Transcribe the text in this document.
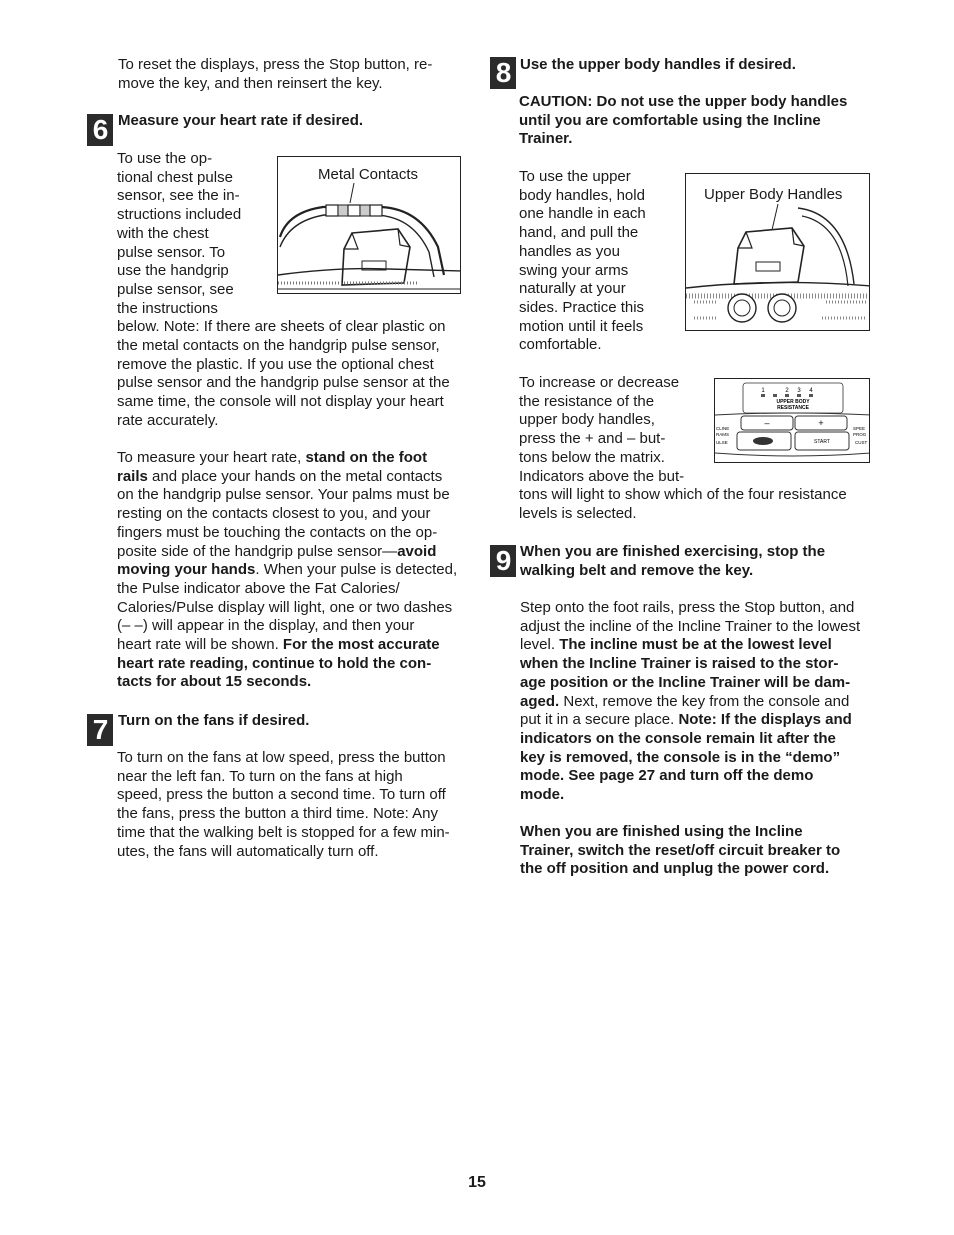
To reset the displays, press the Stop button, re-
move the key, and then reinsert the key.
6 Measure your heart rate if desired.
To use the op-
tional chest pulse
sensor, see the in-
structions included
with the chest
pulse sensor. To
use the handgrip
pulse sensor, see
the instructions
below. Note: If there are sheets of clear plastic on
the metal contacts on the handgrip pulse sensor,
remove the plastic. If you use the optional chest
pulse sensor and the handgrip pulse sensor at the
same time, the console will not display your heart
rate accurately.
Metal Contacts
To measure your heart rate, stand on the foot
rails and place your hands on the metal contacts
on the handgrip pulse sensor. Your palms must be
resting on the contacts closest to you, and your
fingers must be touching the contacts on the op-
posite side of the handgrip pulse sensor—avoid
moving your hands. When your pulse is detected,
the Pulse indicator above the Fat Calories/
Calories/Pulse display will light, one or two dashes
(– –) will appear in the display, and then your
heart rate will be shown. For the most accurate
heart rate reading, continue to hold the con-
tacts for about 15 seconds.
7 Turn on the fans if desired.
To turn on the fans at low speed, press the button
near the left fan. To turn on the fans at high
speed, press the button a second time. To turn off
the fans, press the button a third time. Note: Any
time that the walking belt is stopped for a few min-
utes, the fans will automatically turn off.
8 Use the upper body handles if desired.
CAUTION: Do not use the upper body handles
until you are comfortable using the Incline
Trainer.
To use the upper
body handles, hold
one handle in each
hand, and pull the
handles as you
swing your arms
naturally at your
sides. Practice this
motion until it feels
comfortable.
Upper Body Handles
To increase or decrease
the resistance of the
upper body handles,
press the + and – but-
tons below the matrix.
Indicators above the but-
tons will light to show which of the four resistance
levels is selected.
1	2 3 4
UPPER BODY
RESISTANCE
–	+
CLINE
RAMS
ULSE	START
SPEE
PROG
CUST
9 When you are finished exercising, stop the
walking belt and remove the key.
Step onto the foot rails, press the Stop button, and
adjust the incline of the Incline Trainer to the lowest
level. The incline must be at the lowest level
when the Incline Trainer is raised to the stor-
age position or the Incline Trainer will be dam-
aged. Next, remove the key from the console and
put it in a secure place. Note: If the displays and
indicators on the console remain lit after the
key is removed, the console is in the “demo”
mode. See page 27 and turn off the demo
mode.
When you are finished using the Incline
Trainer, switch the reset/off circuit breaker to
the off position and unplug the power cord.
15
